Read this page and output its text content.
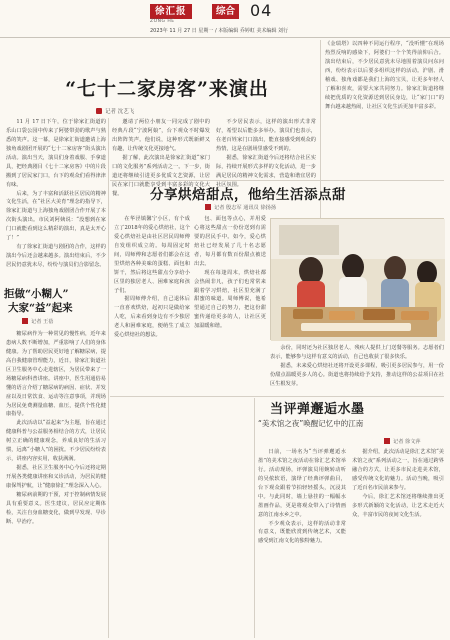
徐汇报	综合 04
ZONG HE
2023年 11 月 27 日 星期一 / 本版编辑 乔婷虹 美术编辑 刘行

《金瑞塔》以四种不同运行程序，“没听懂”在现场热烈反响的感染下，阿婆们一个个笑得前仰后合。演出结束后，不少居民意犹未尽地围着演员问东问西，纷纷表示以后要多组织这样的活动。沪剧、滑稽戏、独角戏都是我们上海的宝贝，让更多年轻人了解和喜欢，需要大家共同努力。徐家汇街道将继续把优质的文化资源送到居民身边，让“家门口”的舞台越来越热闹，让社区文化生活更加丰富多彩。

“七十二家房客”来演出
记者 沈艺飞

11 月 17 日下午，位于徐家汇街道的乐山口袋公园中传来了阿婆带劲的歌声与熟悉的笑声。这一幕，是徐家汇街道邀请上海独角戏剧团开展的“七十二家房客”街头演出活动。演出当天，演员们身着戏服、手拿道具，把经典剧目《七十二家房客》中的片段搬到了居民家门口，台下的观众们看得津津有味。

后来，为了丰富和活跃社区居民的精神文化生活，在“社区大美育”理念的指导下，徐家汇街道与上海独角戏剧团合作开展了本次街头演出。市民刘阿姨说：“没想到在家门口就能看到这么精彩的演出，真是太开心了！”

有了徐家汇街道与剧团的合作，这样的演出今后还会越来越多。演出结束后，不少居民仍意犹未尽，纷纷与演员们合影留念。

邀请了两位小朋友一同完成了剧中的经典片段“宁波阿娘”，台下观众不时爆发出阵阵笑声。他们说，这种形式既新鲜又有趣，让传统文化更接地气。

据了解，此次演出是徐家汇街道“家门口的文化服务”系列活动之一。下一步，街道还将继续引进更多优质文艺资源，让居民在家门口就能享受到丰富多彩的文化大餐。

不少居民表示，这样的演出形式非常好，希望以后能多多举办。演员们也表示，在老百姓家门口演出，能直接感受到观众的热情，这是在剧场里感受不到的。

据悉，徐家汇街道今后还将结合社区实际，持续开展形式多样的文化活动，进一步满足居民的精神文化需求，营造和谐宜居的社区氛围。

拒做“小糊人”
大家“益”起来
记者 王蓓

糖尿病作为一种常见的慢性病，近年来患病人数不断增加，严重影响了人们的身体健康。为了帮助居民更好地了解糖尿病，提高自我健康管理能力，近日，徐家汇街道社区卫生服务中心走进辖区，为居民带来了一场糖尿病科普讲座。讲座中，医生用通俗易懂的语言介绍了糖尿病的病因、症状、并发症以及日常饮食、运动等注意事项，并现场为居民免费测量血糖、血压，提供个性化健康指导。

此次活动以“益起来”为主题，旨在通过健康科普与公益服务相结合的方式，让居民树立正确的健康观念，养成良好的生活习惯，远离“小糖人”的困扰。不少居民纷纷表示，讲座内容实用，收获满满。

据悉，社区卫生服务中心今后还将定期开展各类健康讲座和义诊活动，为居民的健康保驾护航，让“健康徐汇”理念深入人心。

糖尿病前期的干预，对于控制病情发展具有重要意义。医生建议，居民应定期体检，关注自身血糖变化，做到早发现、早诊断、早治疗。

分享烘焙甜点，他给生活添点甜
记者 殷志军 通讯员 徐扬扬

在华泾镇馨宁小区，有个成立了2018年的爱心烘焙社，这个爱心烘焙社是由社区居民周师傅自发组织成立的。每周固定时间，周师傅和志愿者们都会在这里烘焙各种美味的蛋糕、面包和饼干，然后将这些甜点分享给小区里的独居老人、困难家庭和孩子们。

据周师傅介绍，自己退休后一直喜欢烘焙，起初只是做给家人吃，后来看到身边有不少独居老人和困难家庭，便萌生了成立爱心烘焙社的想法。

包、面包等点心，并用爱心将这些甜点一份份送到有需要的居民手中。如今，爱心烘焙社已经发展了几十名志愿者，每月都有数百份甜点被送出去。

现在每逢周末，烘焙社都会热闹非凡，孩子们也常常来跟着学习烘焙，社区里充满了甜蜜的味道。周师傅说，他希望通过自己的努力，把这份甜蜜传递给更多的人，让社区更加温暖和谐。

余份，同时还为社区独居老人、残疾人提供上门送餐等服务。志愿者们表示，能够参与这样有意义的活动，自己也收获了很多快乐。

据悉，未来爱心烘焙社还将开设更多课程，吸引更多居民参与，用一份份甜点温暖更多人的心。街道也将持续给予支持，推动这样的公益项目在社区生根发芽。

当评弹邂逅水墨
“美术馆之夜”唤醒记忆中的江南
记者 徐文萍

日前，一场名为“当评弹邂逅水墨”的美术馆之夜活动在徐汇艺术馆举行。活动现场，评弹演员用婉转动听的吴侬软语，演绎了经典评弹曲目，台下观众跟着节拍轻轻摇头，沉浸其中。与此同时，墙上悬挂的一幅幅水墨画作品，更是将观众带入了诗情画意的江南水乡之中。

不少观众表示，这样的活动非常有意义，既能欣赏到传统艺术，又能感受到江南文化的独特魅力。

据介绍，此次活动是徐汇艺术馆“美术馆之夜”系列活动之一，旨在通过跨界融合的方式，让更多市民走进美术馆，感受传统文化的魅力。活动当晚，吸引了近百名市民前来参与。

今后，徐汇艺术馆还将继续推出更多形式新颖的文化活动，让艺术走近大众，丰富市民的夜间文化生活。
